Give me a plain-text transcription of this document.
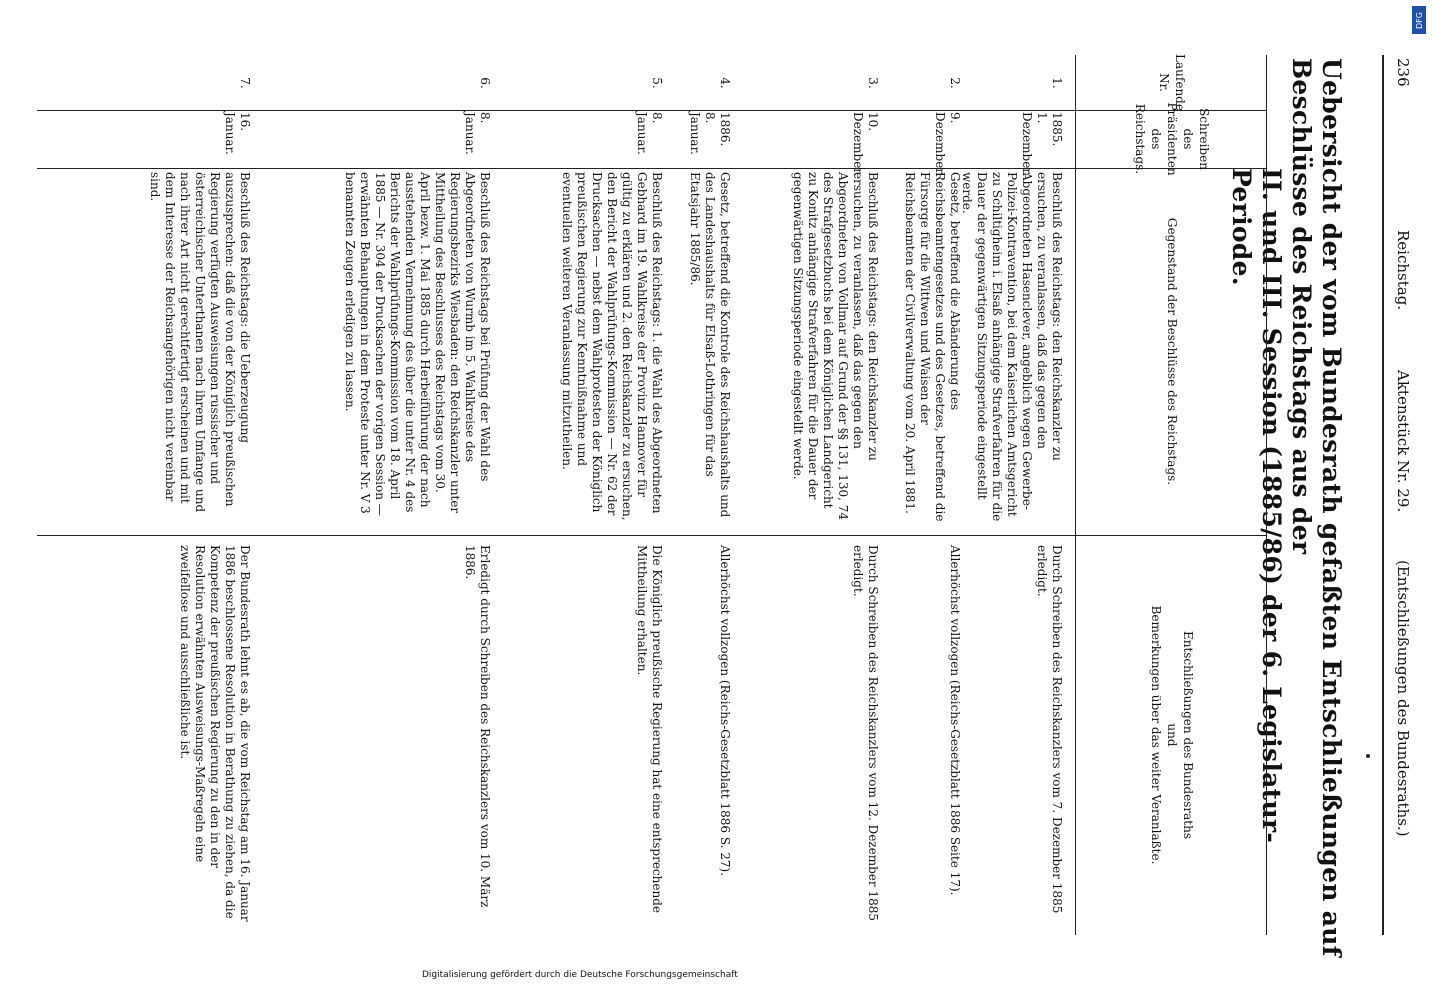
236
Reichstag.
Aktenstück Nr. 29.
(Entschließungen des Bundesraths.)
Uebersicht der vom Bundesrath gefaßten Entschließungen auf Beschlüsse des Reichstags aus der
II. und III. Session (1885/86) der 6. Legislatur-Periode.
Laufende Nr.
Schreiben des Präsidenten des Reichstags.
Gegenstand der Beschlüsse des Reichstags.
Entschließungen des Bundesraths
und
Bemerkungen über das weiter Veranlaßte.
1.
1885.
1. Dezember.
Beschluß des Reichstags: den Reichskanzler zu ersuchen, zu veranlassen, daß das gegen den Abgeordneten Hasenclever, angeblich wegen Gewerbe-Polizei-Kontravention, bei dem Kaiserlichen Amtsgericht zu Schiltigheim i. Elsaß anhängige Strafverfahren für die Dauer der gegenwärtigen Sitzungsperiode eingestellt werde.
Durch Schreiben des Reichskanzlers vom 7. Dezember 1885 erledigt.
2.
9. Dezember.
Gesetz, betreffend die Abänderung des Reichsbeamtengesetzes und des Gesetzes, betreffend die Fürsorge für die Wittwen und Waisen der Reichsbeamten der Civilverwaltung vom 20. April 1881.
Allerhöchst vollzogen (Reichs-Gesetzblatt 1886 Seite 17).
3.
10. Dezember.
Beschluß des Reichstags: den Reichskanzler zu ersuchen, zu veranlassen, daß das gegen den Abgeordneten von Vollmar auf Grund der §§ 131, 130, 74 des Strafgesetzbuchs bei dem Königlichen Landgericht zu Konitz anhängige Strafverfahren für die Dauer der gegenwärtigen Sitzungsperiode eingestellt werde.
Durch Schreiben des Reichskanzlers vom 12. Dezember 1885 erledigt.
4.
1886.
8. Januar.
Gesetz, betreffend die Kontrole des Reichshaushalts und des Landeshaushalts für Elsaß-Lothringen für das Etatsjahr 1885/86.
Allerhöchst vollzogen (Reichs-Gesetzblatt 1886 S. 27).
5.
8. Januar.
Beschluß des Reichstags: 1. die Wahl des Abgeordneten Gebhard im 19. Wahlkreise der Provinz Hannover für gültig zu erklären und 2. den Reichskanzler zu ersuchen, den Bericht der Wahlprüfungs-Kommission — Nr. 62 der Drucksachen — nebst dem Wahlprotesten der Königlich preußischen Regierung zur Kenntnißnahme und eventuellen weiteren Veranlassung mitzutheilen.
Die Königlich preußische Regierung hat eine entsprechende Mittheilung erhalten.
6.
8. Januar.
Beschluß des Reichstags bei Prüfung der Wahl des Abgeordneten von Wurmb im 5. Wahlkreise des Regierungsbezirks Wiesbaden: den Reichskanzler unter Mittheilung des Beschlusses des Reichstags vom 30. April bezw. 1. Mai 1885 durch Herbeiführung der nach ausstehenden Vernehmung des über die unter Nr. 4 des Berichts der Wahlprüfungs-Kommission vom 18. April 1885 — Nr. 304 der Drucksachen der vorigen Session — erwähnten Behauptungen in dem Proteste unter Nr. V 3 benannten Zeugen erledigen zu lassen.
Erledigt durch Schreiben des Reichskanzlers vom 10. März 1886.
7.
16. Januar.
Beschluß des Reichstags: die Ueberzeugung auszusprechen: daß die von der Königlich preußischen Regierung verfügten Ausweisungen russischer und österreichischer Unterthanen nach ihrem Umfange und nach ihrer Art nicht gerechtfertigt erscheinen und mit dem Interesse der Reichsangehörigen nicht vereinbar sind.
Der Bundesrath lehnt es ab, die vom Reichstag am 16. Januar 1886 beschlossene Resolution in Berathung zu ziehen, da die Kompetenz der preußischen Regierung zu den in der Resolution erwähnten Ausweisungs-Maßregeln eine zweifellose und ausschließliche ist.
Digitalisierung gefördert durch die Deutsche Forschungsgemeinschaft
DFG
